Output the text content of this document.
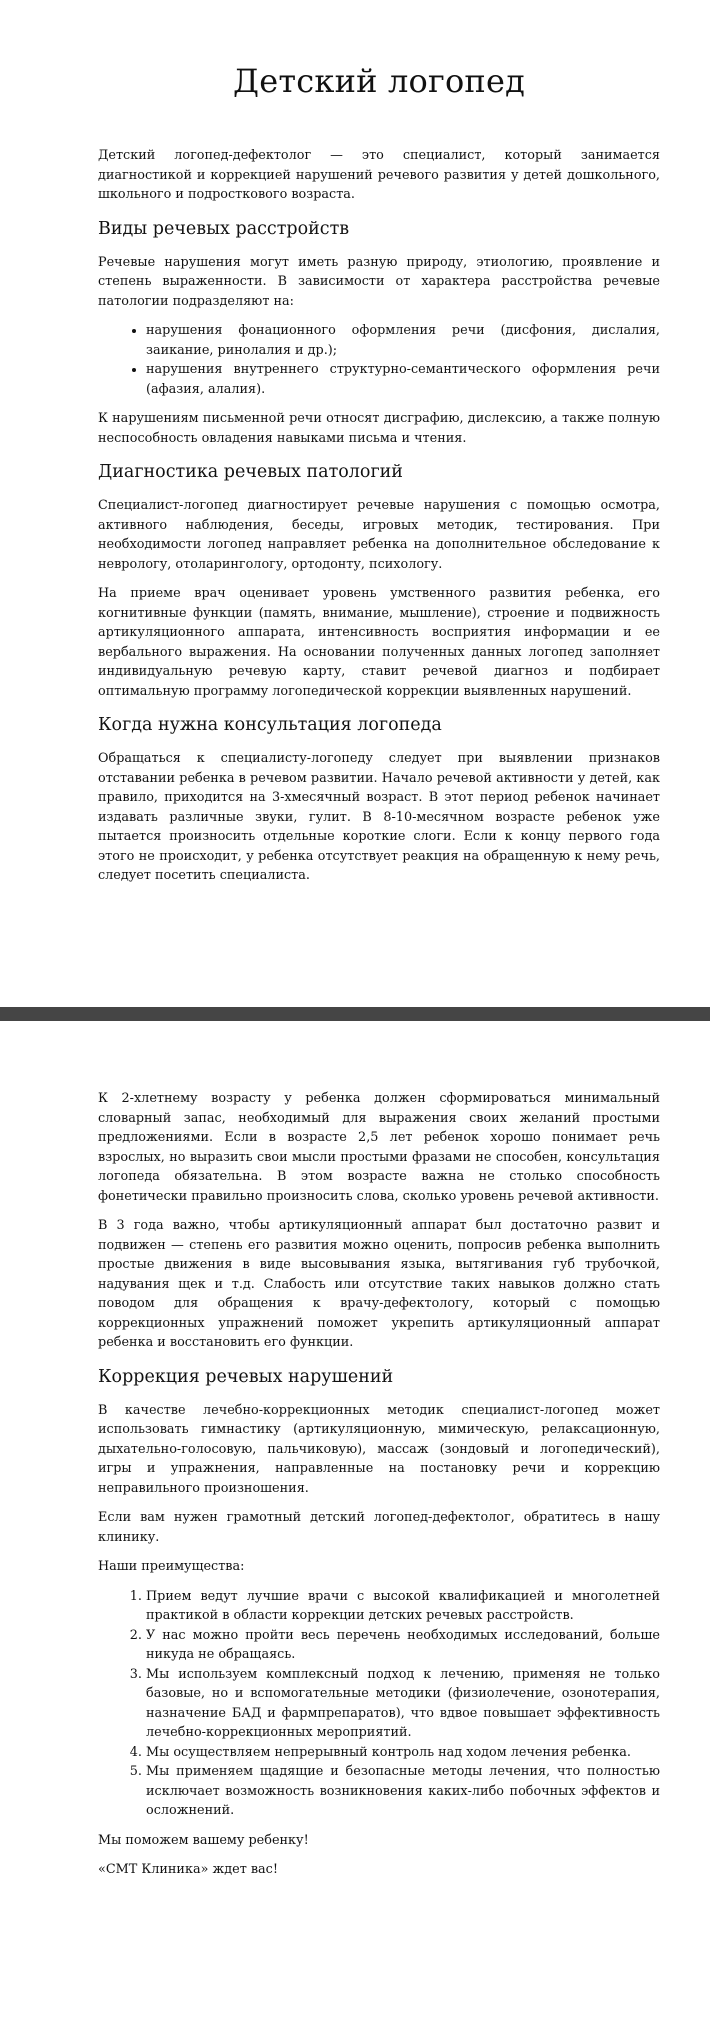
Детский логопед

Детский логопед-дефектолог — это специалист, который занимается диагностикой и коррекцией нарушений речевого развития у детей дошкольного, школьного и подросткового возраста.

Виды речевых расстройств

Речевые нарушения могут иметь разную природу, этиологию, проявление и степень выраженности. В зависимости от характера расстройства речевые патологии подразделяют на:

• нарушения фонационного оформления речи (дисфония, дислалия, заикание, ринолалия и др.);
• нарушения внутреннего структурно-семантического оформления речи (афазия, алалия).

К нарушениям письменной речи относят дисграфию, дислексию, а также полную неспособность овладения навыками письма и чтения.

Диагностика речевых патологий

Специалист-логопед диагностирует речевые нарушения с помощью осмотра, активного наблюдения, беседы, игровых методик, тестирования. При необходимости логопед направляет ребенка на дополнительное обследование к неврологу, отоларингологу, ортодонту, психологу.

На приеме врач оценивает уровень умственного развития ребенка, его когнитивные функции (память, внимание, мышление), строение и подвижность артикуляционного аппарата, интенсивность восприятия информации и ее вербального выражения. На основании полученных данных логопед заполняет индивидуальную речевую карту, ставит речевой диагноз и подбирает оптимальную программу логопедической коррекции выявленных нарушений.

Когда нужна консультация логопеда

Обращаться к специалисту-логопеду следует при выявлении признаков отставании ребенка в речевом развитии. Начало речевой активности у детей, как правило, приходится на 3-хмесячный возраст. В этот период ребенок начинает издавать различные звуки, гулит. В 8-10-месячном возрасте ребенок уже пытается произносить отдельные короткие слоги. Если к концу первого года этого не происходит, у ребенка отсутствует реакция на обращенную к нему речь, следует посетить специалиста.

К 2-хлетнему возрасту у ребенка должен сформироваться минимальный словарный запас, необходимый для выражения своих желаний простыми предложениями. Если в возрасте 2,5 лет ребенок хорошо понимает речь взрослых, но выразить свои мысли простыми фразами не способен, консультация логопеда обязательна. В этом возрасте важна не столько способность фонетически правильно произносить слова, сколько уровень речевой активности.

В 3 года важно, чтобы артикуляционный аппарат был достаточно развит и подвижен — степень его развития можно оценить, попросив ребенка выполнить простые движения в виде высовывания языка, вытягивания губ трубочкой, надувания щек и т.д. Слабость или отсутствие таких навыков должно стать поводом для обращения к врачу-дефектологу, который с помощью коррекционных упражнений поможет укрепить артикуляционный аппарат ребенка и восстановить его функции.

Коррекция речевых нарушений

В качестве лечебно-коррекционных методик специалист-логопед может использовать гимнастику (артикуляционную, мимическую, релаксационную, дыхательно-голосовую, пальчиковую), массаж (зондовый и логопедический), игры и упражнения, направленные на постановку речи и коррекцию неправильного произношения.

Если вам нужен грамотный детский логопед-дефектолог, обратитесь в нашу клинику.

Наши преимущества:

1. Прием ведут лучшие врачи с высокой квалификацией и многолетней практикой в области коррекции детских речевых расстройств.
2. У нас можно пройти весь перечень необходимых исследований, больше никуда не обращаясь.
3. Мы используем комплексный подход к лечению, применяя не только базовые, но и вспомогательные методики (физиолечение, озонотерапия, назначение БАД и фармпрепаратов), что вдвое повышает эффективность лечебно-коррекционных мероприятий.
4. Мы осуществляем непрерывный контроль над ходом лечения ребенка.
5. Мы применяем щадящие и безопасные методы лечения, что полностью исключает возможность возникновения каких-либо побочных эффектов и осложнений.

Мы поможем вашему ребенку!

«СМТ Клиника» ждет вас!
